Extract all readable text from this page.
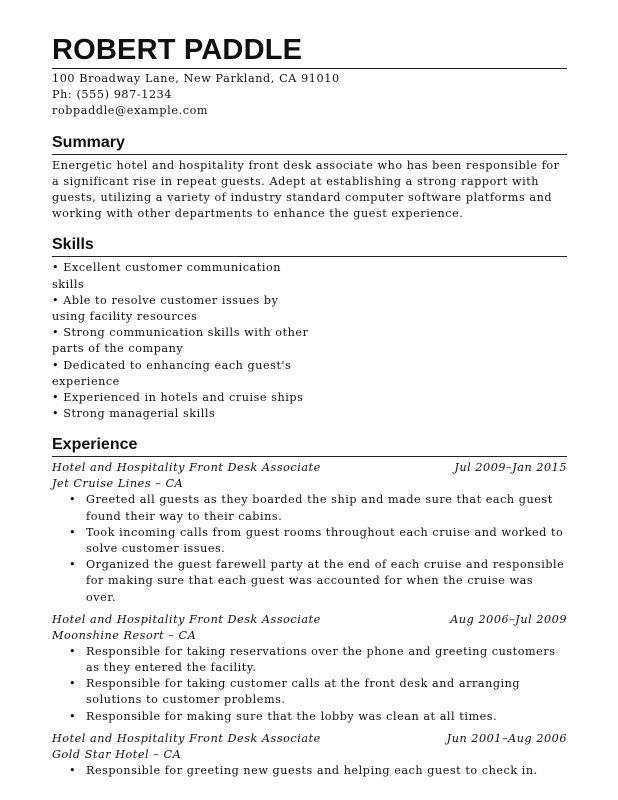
ROBERT PADDLE
100 Broadway Lane, New Parkland, CA 91010
Ph: (555) 987-1234
robpaddle@example.com
Summary
Energetic hotel and hospitality front desk associate who has been responsible for a significant rise in repeat guests. Adept at establishing a strong rapport with guests, utilizing a variety of industry standard computer software platforms and working with other departments to enhance the guest experience.
Skills
• Excellent customer communication skills
• Able to resolve customer issues by using facility resources
• Strong communication skills with other parts of the company
• Dedicated to enhancing each guest's experience
• Experienced in hotels and cruise ships
• Strong managerial skills
Experience
Hotel and Hospitality Front Desk Associate	Jul 2009–Jan 2015
Jet Cruise Lines – CA
• Greeted all guests as they boarded the ship and made sure that each guest found their way to their cabins.
• Took incoming calls from guest rooms throughout each cruise and worked to solve customer issues.
• Organized the guest farewell party at the end of each cruise and responsible for making sure that each guest was accounted for when the cruise was over.
Hotel and Hospitality Front Desk Associate	Aug 2006–Jul 2009
Moonshine Resort – CA
• Responsible for taking reservations over the phone and greeting customers as they entered the facility.
• Responsible for taking customer calls at the front desk and arranging solutions to customer problems.
• Responsible for making sure that the lobby was clean at all times.
Hotel and Hospitality Front Desk Associate	Jun 2001–Aug 2006
Gold Star Hotel – CA
• Responsible for greeting new guests and helping each guest to check in.
